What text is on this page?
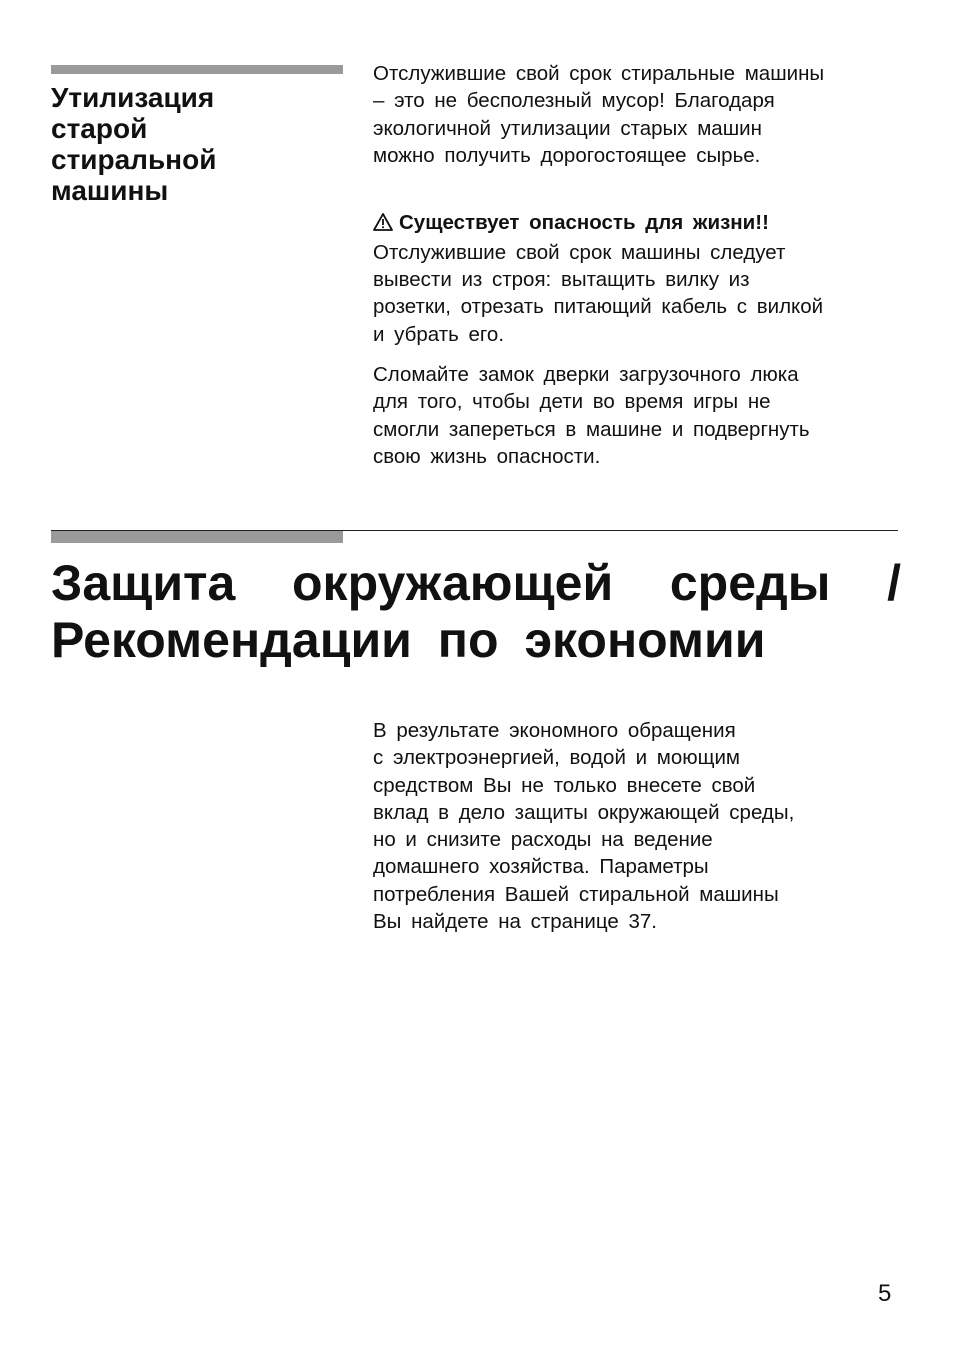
Утилизация
старой
стиральной
машины

Отслужившие свой срок стиральные машины
– это не бесполезный мусор! Благодаря
экологичной утилизации старых машин
можно получить дорогостоящее сырье.

Существует опасность для жизни!!
Отслужившие свой срок машины следует
вывести из строя: вытащить вилку из
розетки, отрезать питающий кабель с вилкой
и убрать его.

Сломайте замок дверки загрузочного люка
для того, чтобы дети во время игры не
смогли запереться в машине и подвергнуть
свою жизнь опасности.

Защита окружающей среды /
Рекомендации по экономии

В результате экономного обращения
с электроэнергией, водой и моющим
средством Вы не только внесете свой
вклад в дело защиты окружающей среды,
но и снизите расходы на ведение
домашнего хозяйства. Параметры
потребления Вашей стиральной машины
Вы найдете на странице 37.

5
